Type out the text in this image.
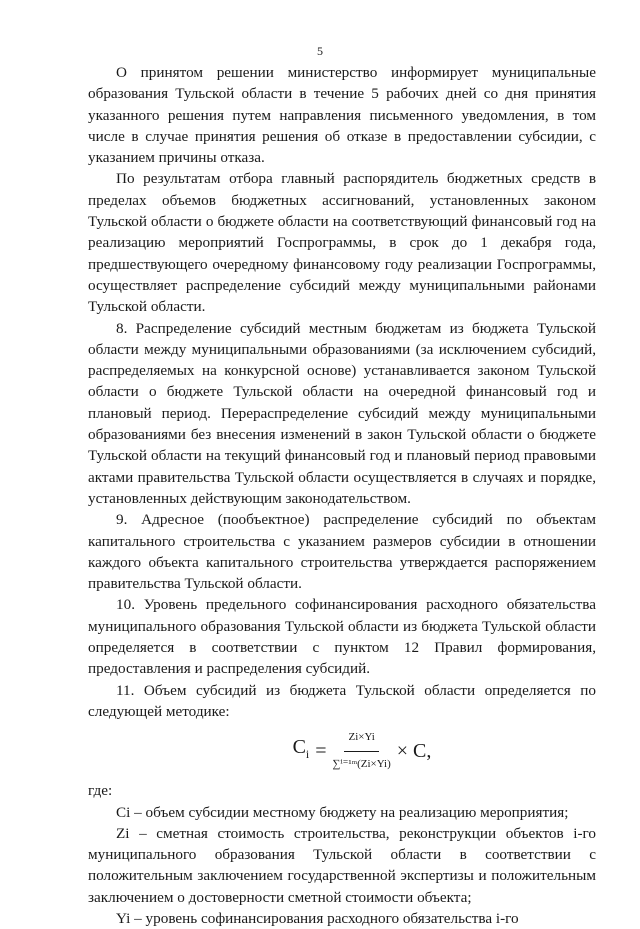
5

О принятом решении министерство информирует муниципальные образования Тульской области в течение 5 рабочих дней со дня принятия указанного решения путем направления письменного уведомления, в том числе в случае принятия решения об отказе в предоставлении субсидии, с указанием причины отказа.

По результатам отбора главный распорядитель бюджетных средств в пределах объемов бюджетных ассигнований, установленных законом Тульской области о бюджете области на соответствующий финансовый год на реализацию мероприятий Госпрограммы, в срок до 1 декабря года, предшествующего очередному финансовому году реализации Госпрограммы, осуществляет распределение субсидий между муниципальными районами Тульской области.

8. Распределение субсидий местным бюджетам из бюджета Тульской области между муниципальными образованиями (за исключением субсидий, распределяемых на конкурсной основе) устанавливается законом Тульской области о бюджете Тульской области на очередной финансовый год и плановый период. Перераспределение субсидий между муниципальными образованиями без внесения изменений в закон Тульской области о бюджете Тульской области на текущий финансовый год и плановый период правовыми актами правительства Тульской области осуществляется в случаях и порядке, установленных действующим законодательством.

9. Адресное (пообъектное) распределение субсидий по объектам капитального строительства с указанием размеров субсидии в отношении каждого объекта капитального строительства утверждается распоряжением правительства Тульской области.

10. Уровень предельного софинансирования расходного обязательства муниципального образования Тульской области из бюджета Тульской области определяется в соответствии с пунктом 12 Правил формирования, предоставления и распределения субсидий.

11. Объем субсидий из бюджета Тульской области определяется по следующей методике:

$C_i = \frac{Zi\times Yi}{\text{∑ⁱ⁼¹ᵐ(Zi×Yi)}} \times C$,

где:

Ci – объем субсидии местному бюджету на реализацию мероприятия;

Zi – сметная стоимость строительства, реконструкции объектов i-го муниципального образования Тульской области в соответствии с положительным заключением государственной экспертизы и положительным заключением о достоверности сметной стоимости объекта;

Yi – уровень софинансирования расходного обязательства i-го
